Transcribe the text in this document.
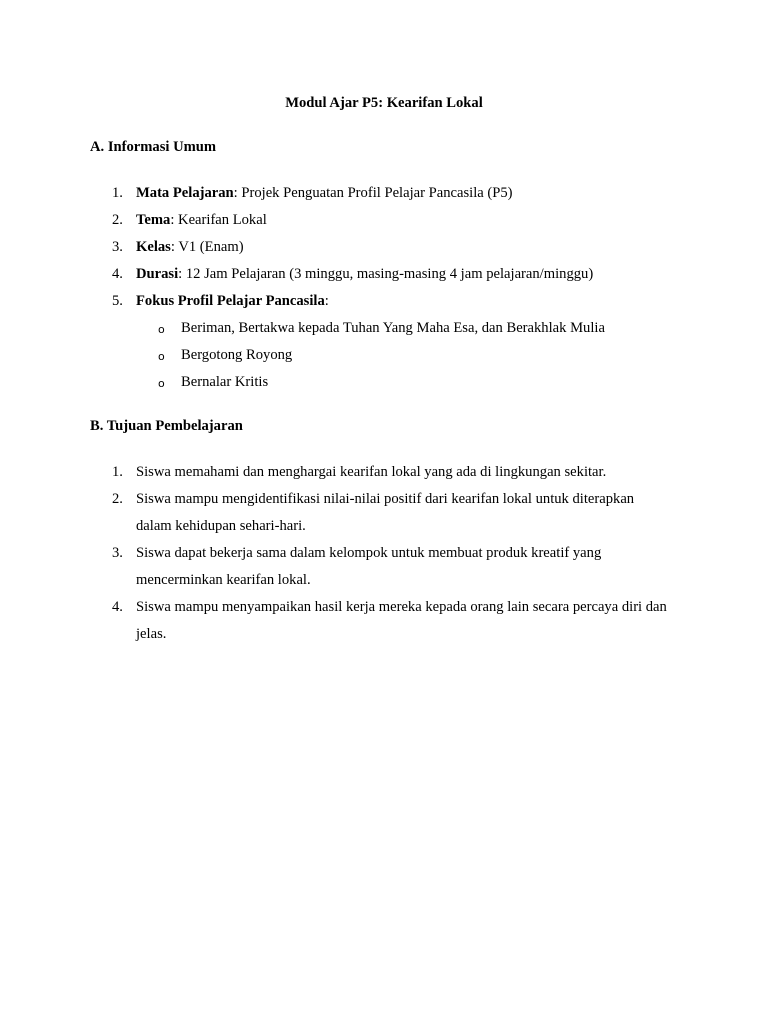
Modul Ajar P5: Kearifan Lokal
A. Informasi Umum
1. Mata Pelajaran: Projek Penguatan Profil Pelajar Pancasila (P5)
2. Tema: Kearifan Lokal
3. Kelas: V1 (Enam)
4. Durasi: 12 Jam Pelajaran (3 minggu, masing-masing 4 jam pelajaran/minggu)
5. Fokus Profil Pelajar Pancasila:
o Beriman, Bertakwa kepada Tuhan Yang Maha Esa, dan Berakhlak Mulia
o Bergotong Royong
o Bernalar Kritis
B. Tujuan Pembelajaran
1. Siswa memahami dan menghargai kearifan lokal yang ada di lingkungan sekitar.
2. Siswa mampu mengidentifikasi nilai-nilai positif dari kearifan lokal untuk diterapkan dalam kehidupan sehari-hari.
3. Siswa dapat bekerja sama dalam kelompok untuk membuat produk kreatif yang mencerminkan kearifan lokal.
4. Siswa mampu menyampaikan hasil kerja mereka kepada orang lain secara percaya diri dan jelas.
